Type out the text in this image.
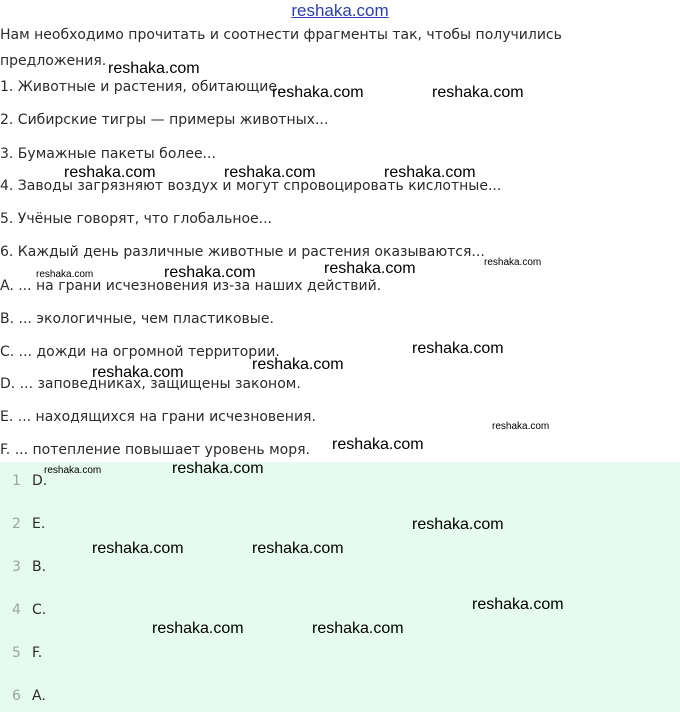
reshaka.com
Нам необходимо прочитать и соотнести фрагменты так, чтобы получились
предложения.
1. Животные и растения, обитающие...
2. Сибирские тигры — примеры животных...
3. Бумажные пакеты более...
4. Заводы загрязняют воздух и могут спровоцировать кислотные...
5. Учёные говорят, что глобальное...
6. Каждый день различные животные и растения оказываются...
A. ... на грани исчезновения из-за наших действий.
B. ... экологичные, чем пластиковые.
C. ... дожди на огромной территории.
D. ... заповедниках, защищены законом.
E. ... находящихся на грани исчезновения.
F. ... потепление повышает уровень моря.
1 D.
2 E.
3 B.
4 C.
5 F.
6 A.
reshaka.com
reshaka.com	reshaka.com
reshaka.com	reshaka.com	reshaka.com
reshaka.com	reshaka.com	reshaka.com	reshaka.com
reshaka.com
reshaka.com
reshaka.com
reshaka.com
reshaka.com
reshaka.com
reshaka.com
reshaka.com
reshaka.com	reshaka.com
reshaka.com
reshaka.com	reshaka.com
